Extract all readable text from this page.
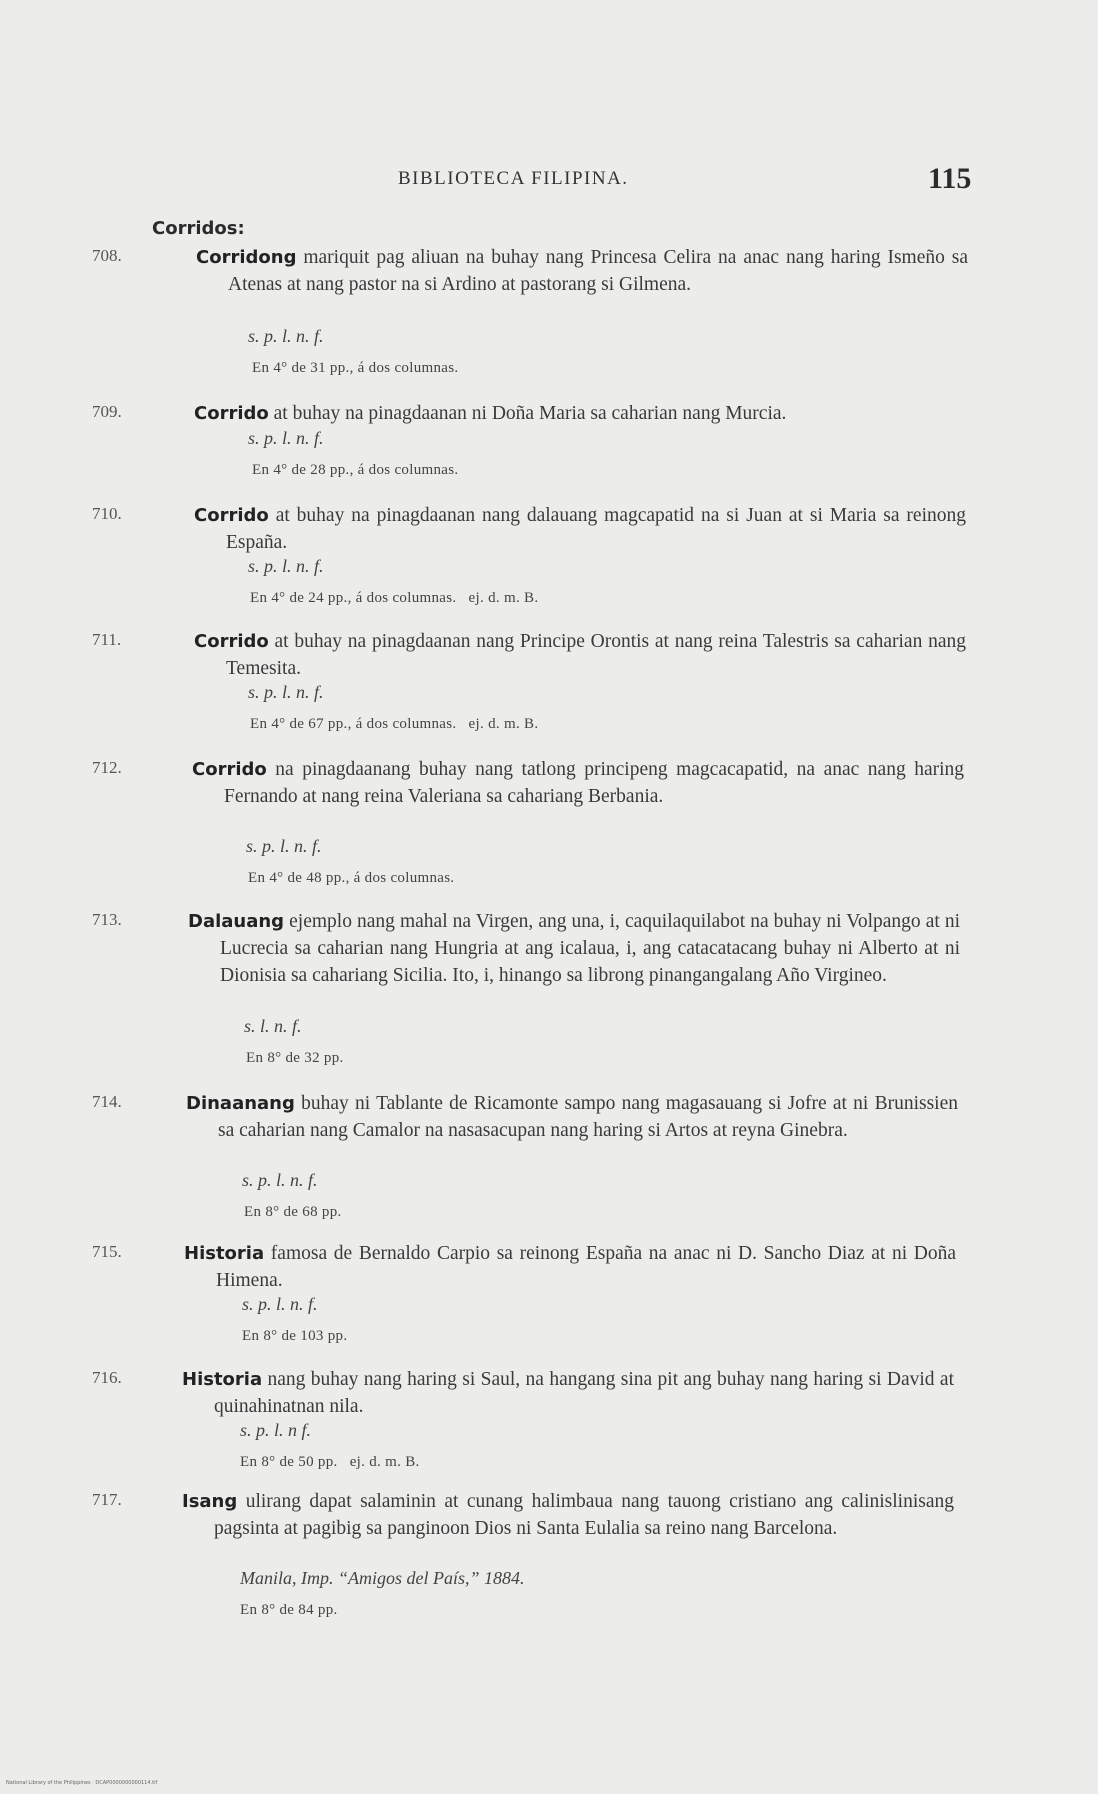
BIBLIOTECA FILIPINA.	115
Corridos:
708.	Corridong mariquit pag aliuan na buhay nang Princesa Celira na anac nang haring Ismeño sa Atenas at nang pastor na si Ardino at pastorang si Gilmena.
s. p. l. n. f.
En 4° de 31 pp., á dos columnas.
709.	Corrido at buhay na pinagdaanan ni Doña Maria sa caharian nang Murcia.
s. p. l. n. f.
En 4° de 28 pp., á dos columnas.
710.	Corrido at buhay na pinagdaanan nang dalauang magcapatid na si Juan at si Maria sa reinong España.
s. p. l. n. f.
En 4° de 24 pp., á dos columnas.   ej. d. m. B.
711.	Corrido at buhay na pinagdaanan nang Principe Orontis at nang reina Talestris sa caharian nang Temesita.
s. p. l. n. f.
En 4° de 67 pp., á dos columnas.   ej. d. m. B.
712.	Corrido na pinagdaanang buhay nang tatlong principeng magcacapatid, na anac nang haring Fernando at nang reina Valeriana sa cahariang Berbania.
s. p. l. n. f.
En 4° de 48 pp., á dos columnas.
713.	Dalauang ejemplo nang mahal na Virgen, ang una, i, caquilaquilabot na buhay ni Volpango at ni Lucrecia sa caharian nang Hungria at ang icalaua, i, ang catacatacang buhay ni Alberto at ni Dionisia sa cahariang Sicilia. Ito, i, hinango sa librong pinangangalang Año Virgineo.
s. l. n. f.
En 8° de 32 pp.
714.	Dinaanang buhay ni Tablante de Ricamonte sampo nang magasauang si Jofre at ni Brunissien sa caharian nang Camalor na nasasacupan nang haring si Artos at reyna Ginebra.
s. p. l. n. f.
En 8° de 68 pp.
715.	Historia famosa de Bernaldo Carpio sa reinong España na anac ni D. Sancho Diaz at ni Doña Himena.
s. p. l. n. f.
En 8° de 103 pp.
716.	Historia nang buhay nang haring si Saul, na hangang sina pit ang buhay nang haring si David at quinahinatnan nila.
s. p. l. n f.
En 8° de 50 pp.   ej. d. m. B.
717.	Isang ulirang dapat salaminin at cunang halimbaua nang tauong cristiano ang calinislinisang pagsinta at pagibig sa panginoon Dios ni Santa Eulalia sa reino nang Barcelona.
Manila, Imp. “Amigos del País,” 1884.
En 8° de 84 pp.
National Library of the Philippines · DCAP0000000000114.tif
